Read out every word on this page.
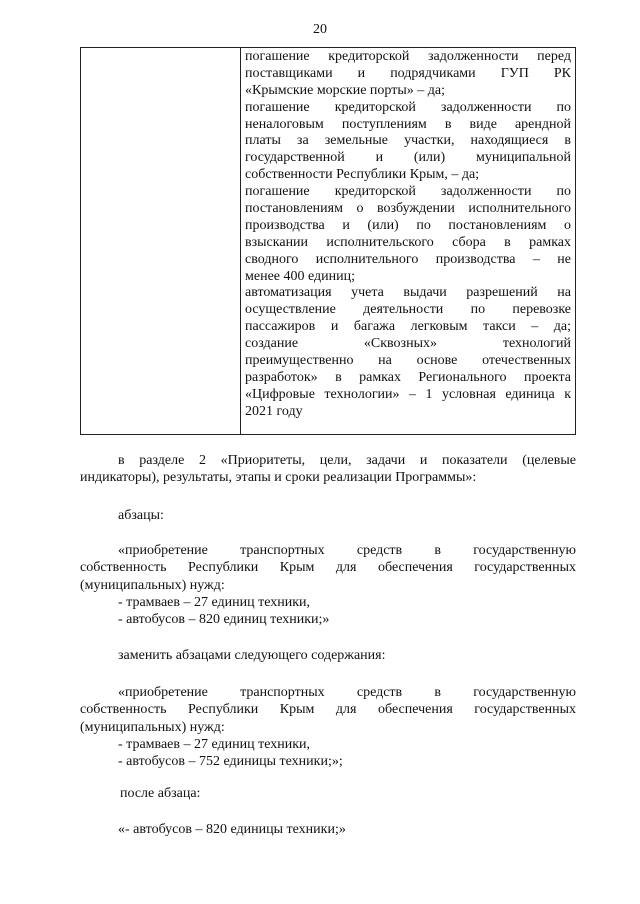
20
погашение кредиторской задолженности перед
поставщиками и подрядчиками ГУП РК
«Крымские морские порты» – да;
погашение кредиторской задолженности по
неналоговым поступлениям в виде арендной
платы за земельные участки, находящиеся в
государственной и (или) муниципальной
собственности Республики Крым, – да;
погашение кредиторской задолженности по
постановлениям о возбуждении исполнительного
производства и (или) по постановлениям о
взыскании исполнительского сбора в рамках
сводного исполнительного производства – не
менее 400 единиц;
автоматизация учета выдачи разрешений на
осуществление деятельности по перевозке
пассажиров и багажа легковым такси – да;
создание «Сквозных» технологий
преимущественно на основе отечественных
разработок» в рамках Регионального проекта
«Цифровые технологии» – 1 условная единица к
2021 году
в разделе 2 «Приоритеты, цели, задачи и показатели (целевые
индикаторы), результаты, этапы и сроки реализации Программы»:
абзацы:
«приобретение транспортных средств в государственную
собственность Республики Крым для обеспечения государственных
(муниципальных) нужд:
- трамваев – 27 единиц техники,
- автобусов – 820 единиц техники;»
заменить абзацами следующего содержания:
«приобретение транспортных средств в государственную
собственность Республики Крым для обеспечения государственных
(муниципальных) нужд:
- трамваев – 27 единиц техники,
- автобусов – 752 единицы техники;»;
после абзаца:
«- автобусов – 820 единицы техники;»
